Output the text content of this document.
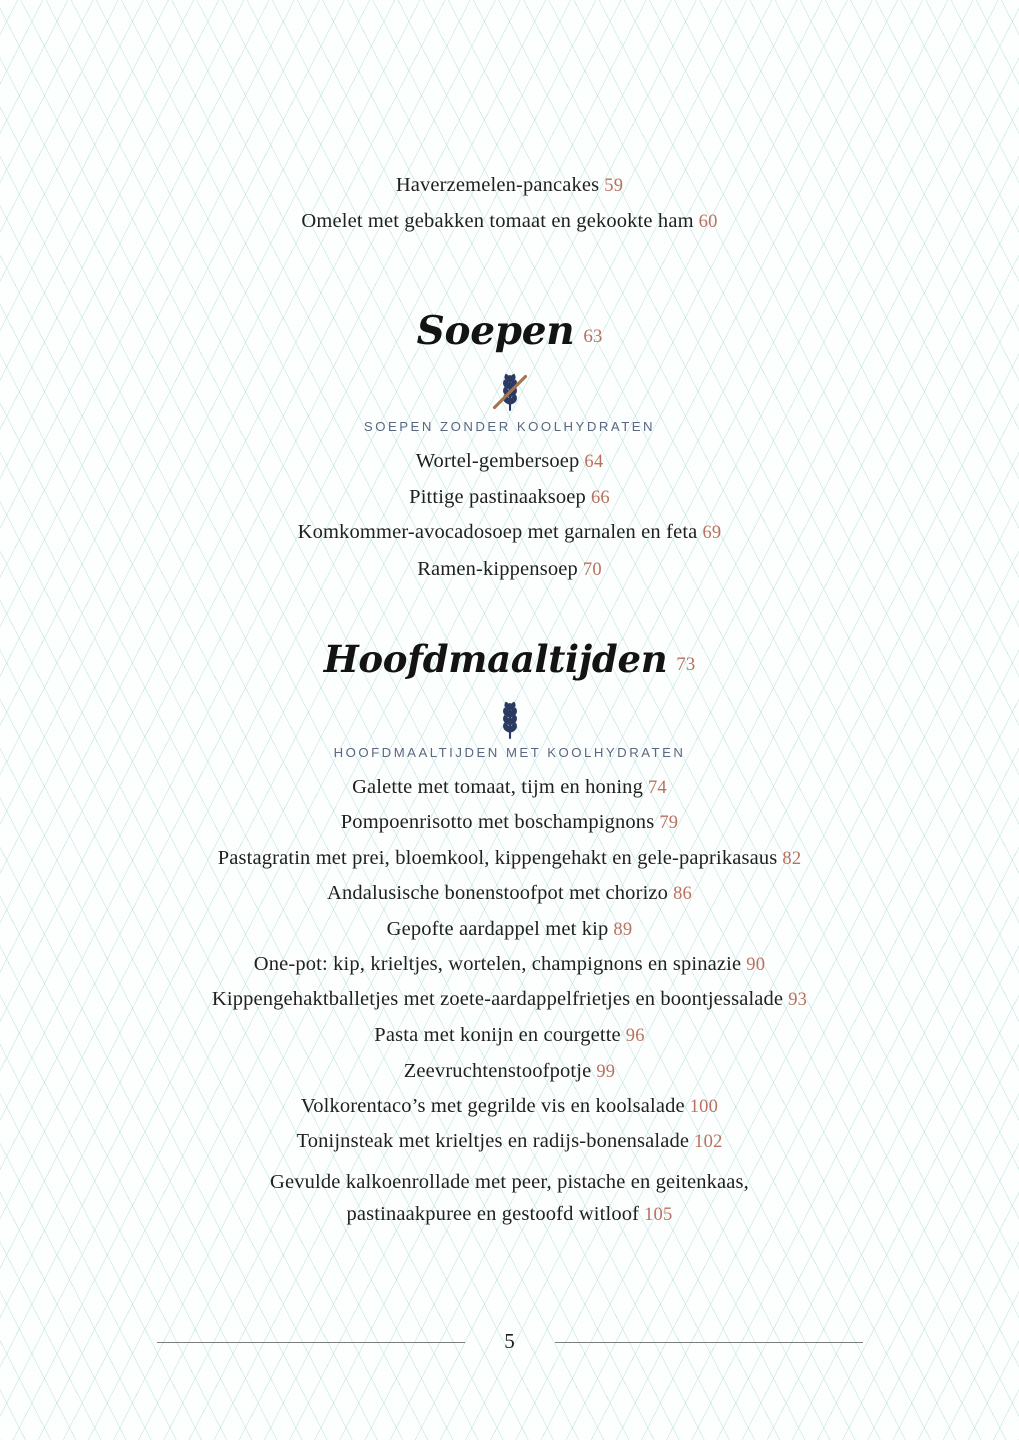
Haverzemelen-pancakes 59
Omelet met gebakken tomaat en gekookte ham 60
Soepen 63
SOEPEN ZONDER KOOLHYDRATEN
Wortel-gembersoep 64
Pittige pastinaaksoep 66
Komkommer-avocadosoep met garnalen en feta 69
Ramen-kippensoep 70
Hoofdmaaltijden 73
HOOFDMAALTIJDEN MET KOOLHYDRATEN
Galette met tomaat, tijm en honing 74
Pompoenrisotto met boschampignons 79
Pastagratin met prei, bloemkool, kippengehakt en gele-paprikasaus 82
Andalusische bonenstoofpot met chorizo 86
Gepofte aardappel met kip 89
One-pot: kip, krieltjes, wortelen, champignons en spinazie 90
Kippengehaktballetjes met zoete-aardappelfrietjes en boontjessalade 93
Pasta met konijn en courgette 96
Zeevruchtenstoofpotje 99
Volkorentaco’s met gegrilde vis en koolsalade 100
Tonijnsteak met krieltjes en radijs-bonensalade 102
Gevulde kalkoenrollade met peer, pistache en geitenkaas,
pastinaakpuree en gestoofd witloof 105
5
